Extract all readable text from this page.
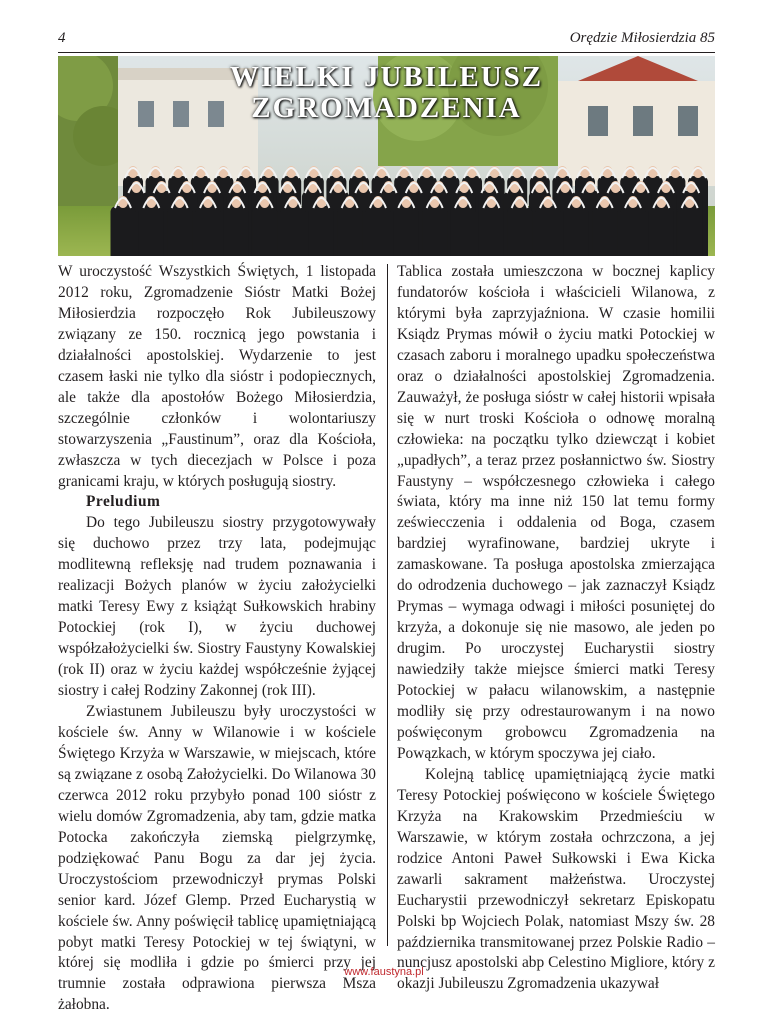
4	Orędzie Miłosierdzia 85
WIELKI JUBILEUSZ
ZGROMADZENIA

W uroczystość Wszystkich Świętych, 1 listopada 2012 roku, Zgromadzenie Sióstr Matki Bożej Miłosierdzia rozpoczęło Rok Jubileuszowy związany ze 150. rocznicą jego powstania i działalności apostolskiej. Wydarzenie to jest czasem łaski nie tylko dla sióstr i podopiecznych, ale także dla apostołów Bożego Miłosierdzia, szczególnie członków i wolontariuszy stowarzyszenia „Faustinum”, oraz dla Kościoła, zwłaszcza w tych diecezjach w Polsce i poza granicami kraju, w których posługują siostry.

Preludium

Do tego Jubileuszu siostry przygotowywały się duchowo przez trzy lata, podejmując modlitewną refleksję nad trudem poznawania i realizacji Bożych planów w życiu założycielki matki Teresy Ewy z książąt Sułkowskich hrabiny Potockiej (rok I), w życiu duchowej współzałożycielki św. Siostry Faustyny Kowalskiej (rok II) oraz w życiu każdej współcześnie żyjącej siostry i całej Rodziny Zakonnej (rok III).

Zwiastunem Jubileuszu były uroczystości w kościele św. Anny w Wilanowie i w kościele Świętego Krzyża w Warszawie, w miejscach, które są związane z osobą Założycielki. Do Wilanowa 30 czerwca 2012 roku przybyło ponad 100 sióstr z wielu domów Zgromadzenia, aby tam, gdzie matka Potocka zakończyła ziemską pielgrzymkę, podziękować Panu Bogu za dar jej życia. Uroczystościom przewodniczył prymas Polski senior kard. Józef Glemp. Przed Eucharystią w kościele św. Anny poświęcił tablicę upamiętniającą pobyt matki Teresy Potockiej w tej świątyni, w której się modliła i gdzie po śmierci przy jej trumnie została odprawiona pierwsza Msza żałobna.

Tablica została umieszczona w bocznej kaplicy fundatorów kościoła i właścicieli Wilanowa, z którymi była zaprzyjaźniona. W czasie homilii Ksiądz Prymas mówił o życiu matki Potockiej w czasach zaboru i moralnego upadku społeczeństwa oraz o działalności apostolskiej Zgromadzenia. Zauważył, że posługa sióstr w całej historii wpisała się w nurt troski Kościoła o odnowę moralną człowieka: na początku tylko dziewcząt i kobiet „upadłych”, a teraz przez posłannictwo św. Siostry Faustyny – współczesnego człowieka i całego świata, który ma inne niż 150 lat temu formy zeświecczenia i oddalenia od Boga, czasem bardziej wyrafinowane, bardziej ukryte i zamaskowane. Ta posługa apostolska zmierzająca do odrodzenia duchowego – jak zaznaczył Ksiądz Prymas – wymaga odwagi i miłości posuniętej do krzyża, a dokonuje się nie masowo, ale jeden po drugim. Po uroczystej Eucharystii siostry nawiedziły także miejsce śmierci matki Teresy Potockiej w pałacu wilanowskim, a następnie modliły się przy odrestaurowanym i na nowo poświęconym grobowcu Zgromadzenia na Powązkach, w którym spoczywa jej ciało.

Kolejną tablicę upamiętniającą życie matki Teresy Potockiej poświęcono w kościele Świętego Krzyża na Krakowskim Przedmieściu w Warszawie, w którym została ochrzczona, a jej rodzice Antoni Paweł Sułkowski i Ewa Kicka zawarli sakrament małżeństwa. Uroczystej Eucharystii przewodniczył sekretarz Episkopatu Polski bp Wojciech Polak, natomiast Mszy św. 28 października transmitowanej przez Polskie Radio – nuncjusz apostolski abp Celestino Migliore, który z okazji Jubileuszu Zgromadzenia ukazywał

www.faustyna.pl
